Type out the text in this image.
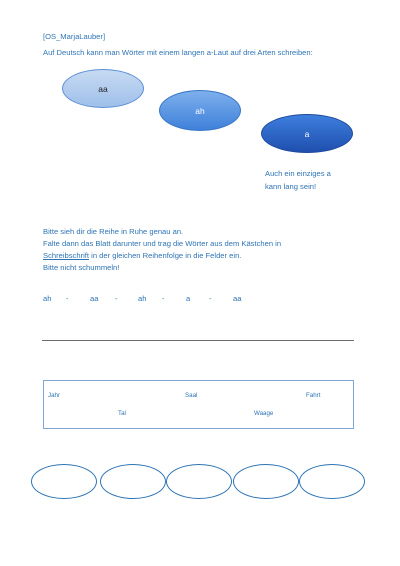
[OS_MarjaLauber]
Auf Deutsch kann man Wörter mit einem langen a-Laut auf drei Arten schreiben:
aa
ah
a
Auch ein einziges a
kann lang sein!
Bitte sieh dir die Reihe in Ruhe genau an.
Falte dann das Blatt darunter und trag die Wörter aus dem Kästchen in
Schreibschrift in der gleichen Reihenfolge in die Felder ein.
Bitte nicht schummeln!
ah -	aa -	ah -	a -	aa
Jahr	Saal	Fahrt
Tal	Waage
